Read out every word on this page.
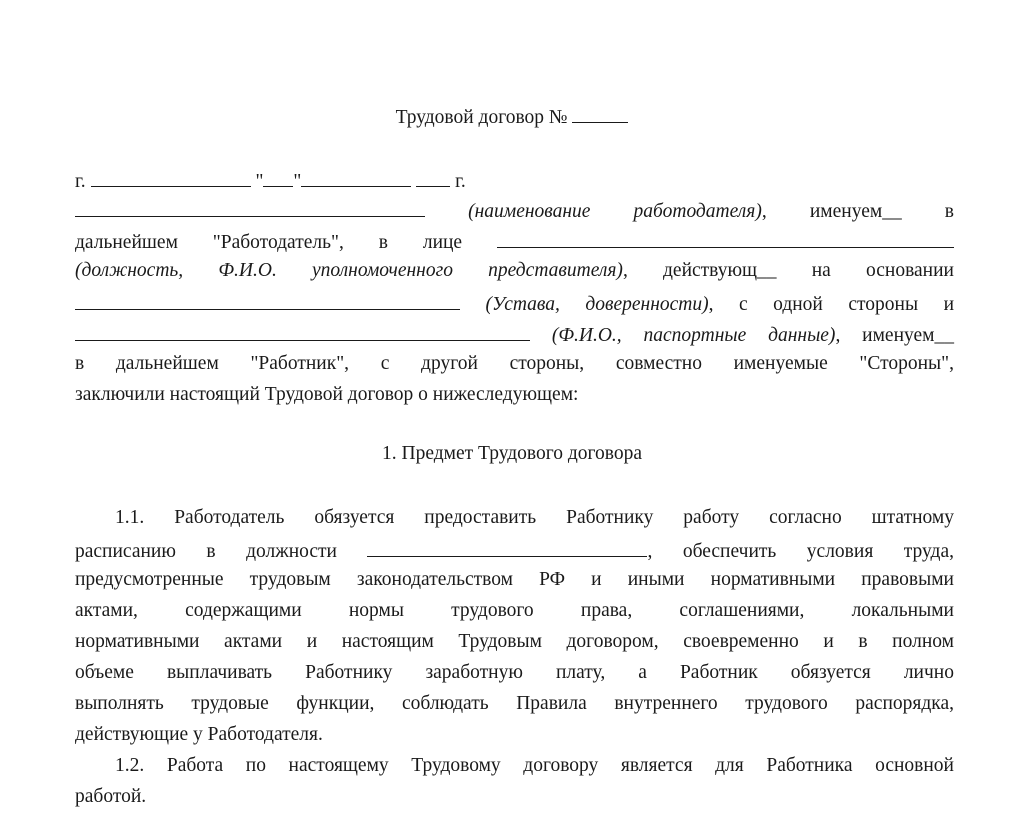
Трудовой договор №
г.	" "	г.
(наименование работодателя), именуем__ в
дальнейшем "Работодатель", в лице
(должность, Ф.И.О. уполномоченного представителя), действующ__ на основании
(Устава, доверенности), с одной стороны и
(Ф.И.О., паспортные данные), именуем__
в дальнейшем "Работник", с другой стороны, совместно именуемые "Стороны",
заключили настоящий Трудовой договор о нижеследующем:
1. Предмет Трудового договора
1.1. Работодатель обязуется предоставить Работнику работу согласно штатному
расписанию в должности	, обеспечить условия труда,
предусмотренные трудовым законодательством РФ и иными нормативными правовыми
актами, содержащими нормы трудового права, соглашениями, локальными
нормативными актами и настоящим Трудовым договором, своевременно и в полном
объеме выплачивать Работнику заработную плату, а Работник обязуется лично
выполнять трудовые функции, соблюдать Правила внутреннего трудового распорядка,
действующие у Работодателя.
1.2. Работа по настоящему Трудовому договору является для Работника основной
работой.
